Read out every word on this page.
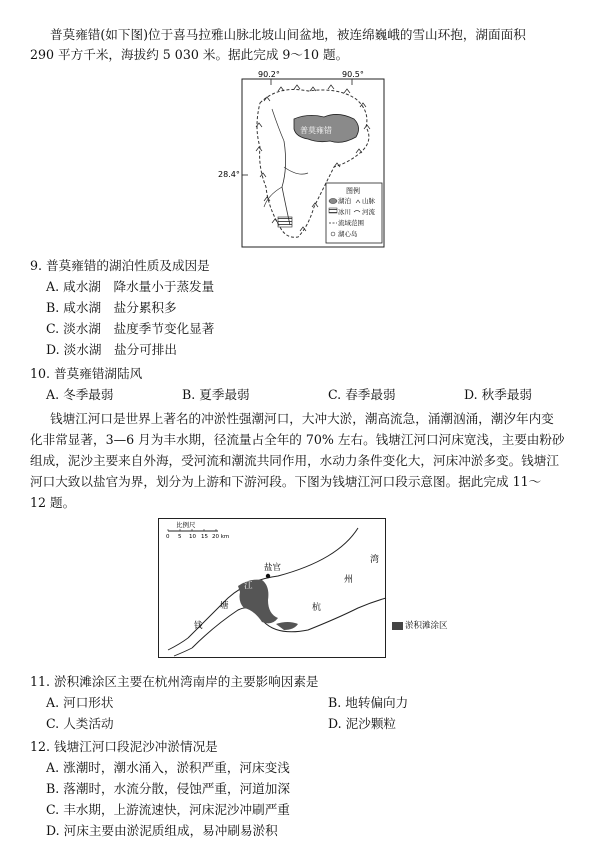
普莫雍错(如下图)位于喜马拉雅山脉北坡山间盆地，被连绵巍峨的雪山环抱，湖面面积
290 平方千米，海拔约 5 030 米。据此完成 9～10 题。
90.2°	90.5°
28.4°
普莫雍错
图例
湖泊 山脉
冰川 河流
流域范围
湖心岛
9. 普莫雍错的湖泊性质及成因是
A. 咸水湖　降水量小于蒸发量
B. 咸水湖　盐分累积多
C. 淡水湖　盐度季节变化显著
D. 淡水湖　盐分可排出
10. 普莫雍错湖陆风
A. 冬季最弱	B. 夏季最弱	C. 春季最弱	D. 秋季最弱
钱塘江河口是世界上著名的冲淤性强潮河口，大冲大淤，潮高流急，涌潮汹涌，潮汐年内变
化非常显著，3—6 月为丰水期，径流量占全年的 70% 左右。钱塘江河口河床宽浅，主要由粉砂
组成，泥沙主要来自外海，受河流和潮流共同作用，水动力条件变化大，河床冲淤多变。钱塘江
河口大致以盐官为界，划分为上游和下游河段。下图为钱塘江河口段示意图。据此完成 11～
12 题。
比例尺
0 5 10 15 20 km
盐官
湾
州
杭
江
塘
钱	淤积滩涂区
11. 淤积滩涂区主要在杭州湾南岸的主要影响因素是
A. 河口形状	B. 地转偏向力
C. 人类活动	D. 泥沙颗粒
12. 钱塘江河口段泥沙冲淤情况是
A. 涨潮时，潮水涌入，淤积严重，河床变浅
B. 落潮时，水流分散，侵蚀严重，河道加深
C. 丰水期，上游流速快，河床泥沙冲刷严重
D. 河床主要由淤泥质组成，易冲刷易淤积
